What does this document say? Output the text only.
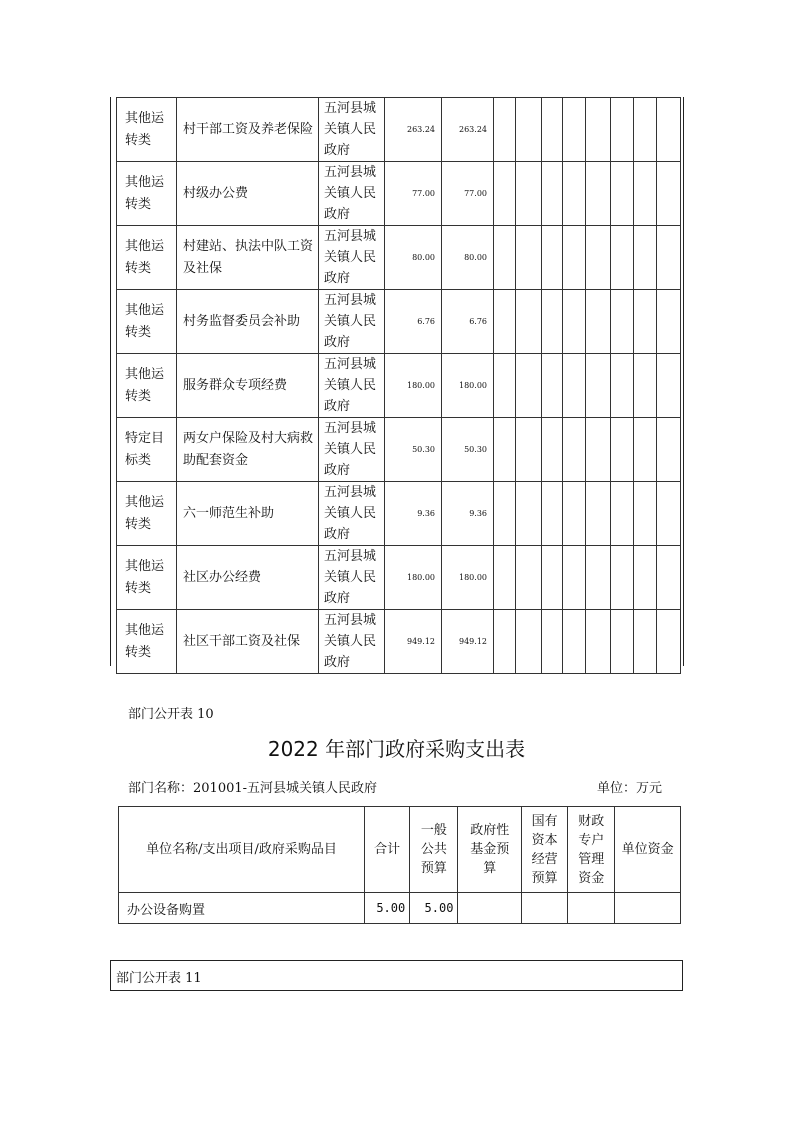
其他运转类	村干部工资及养老保险	五河县城关镇人民政府	263.24	263.24									
其他运转类	村级办公费	五河县城关镇人民政府	77.00	77.00									
其他运转类	村建站、执法中队工资及社保	五河县城关镇人民政府	80.00	80.00									
其他运转类	村务监督委员会补助	五河县城关镇人民政府	6.76	6.76									
其他运转类	服务群众专项经费	五河县城关镇人民政府	180.00	180.00									
特定目标类	两女户保险及村大病救助配套资金	五河县城关镇人民政府	50.30	50.30									
其他运转类	六一师范生补助	五河县城关镇人民政府	9.36	9.36									
其他运转类	社区办公经费	五河县城关镇人民政府	180.00	180.00									
其他运转类	社区干部工资及社保	五河县城关镇人民政府	949.12	949.12									
部门公开表 10
2022 年部门政府采购支出表
部门名称：201001-五河县城关镇人民政府	单位：万元
单位名称/支出项目/政府采购品目	合计	一般公共预算	政府性基金预算	国有资本经营预算	财政专户管理资金	单位资金
办公设备购置	5.00	5.00				
部门公开表 11
